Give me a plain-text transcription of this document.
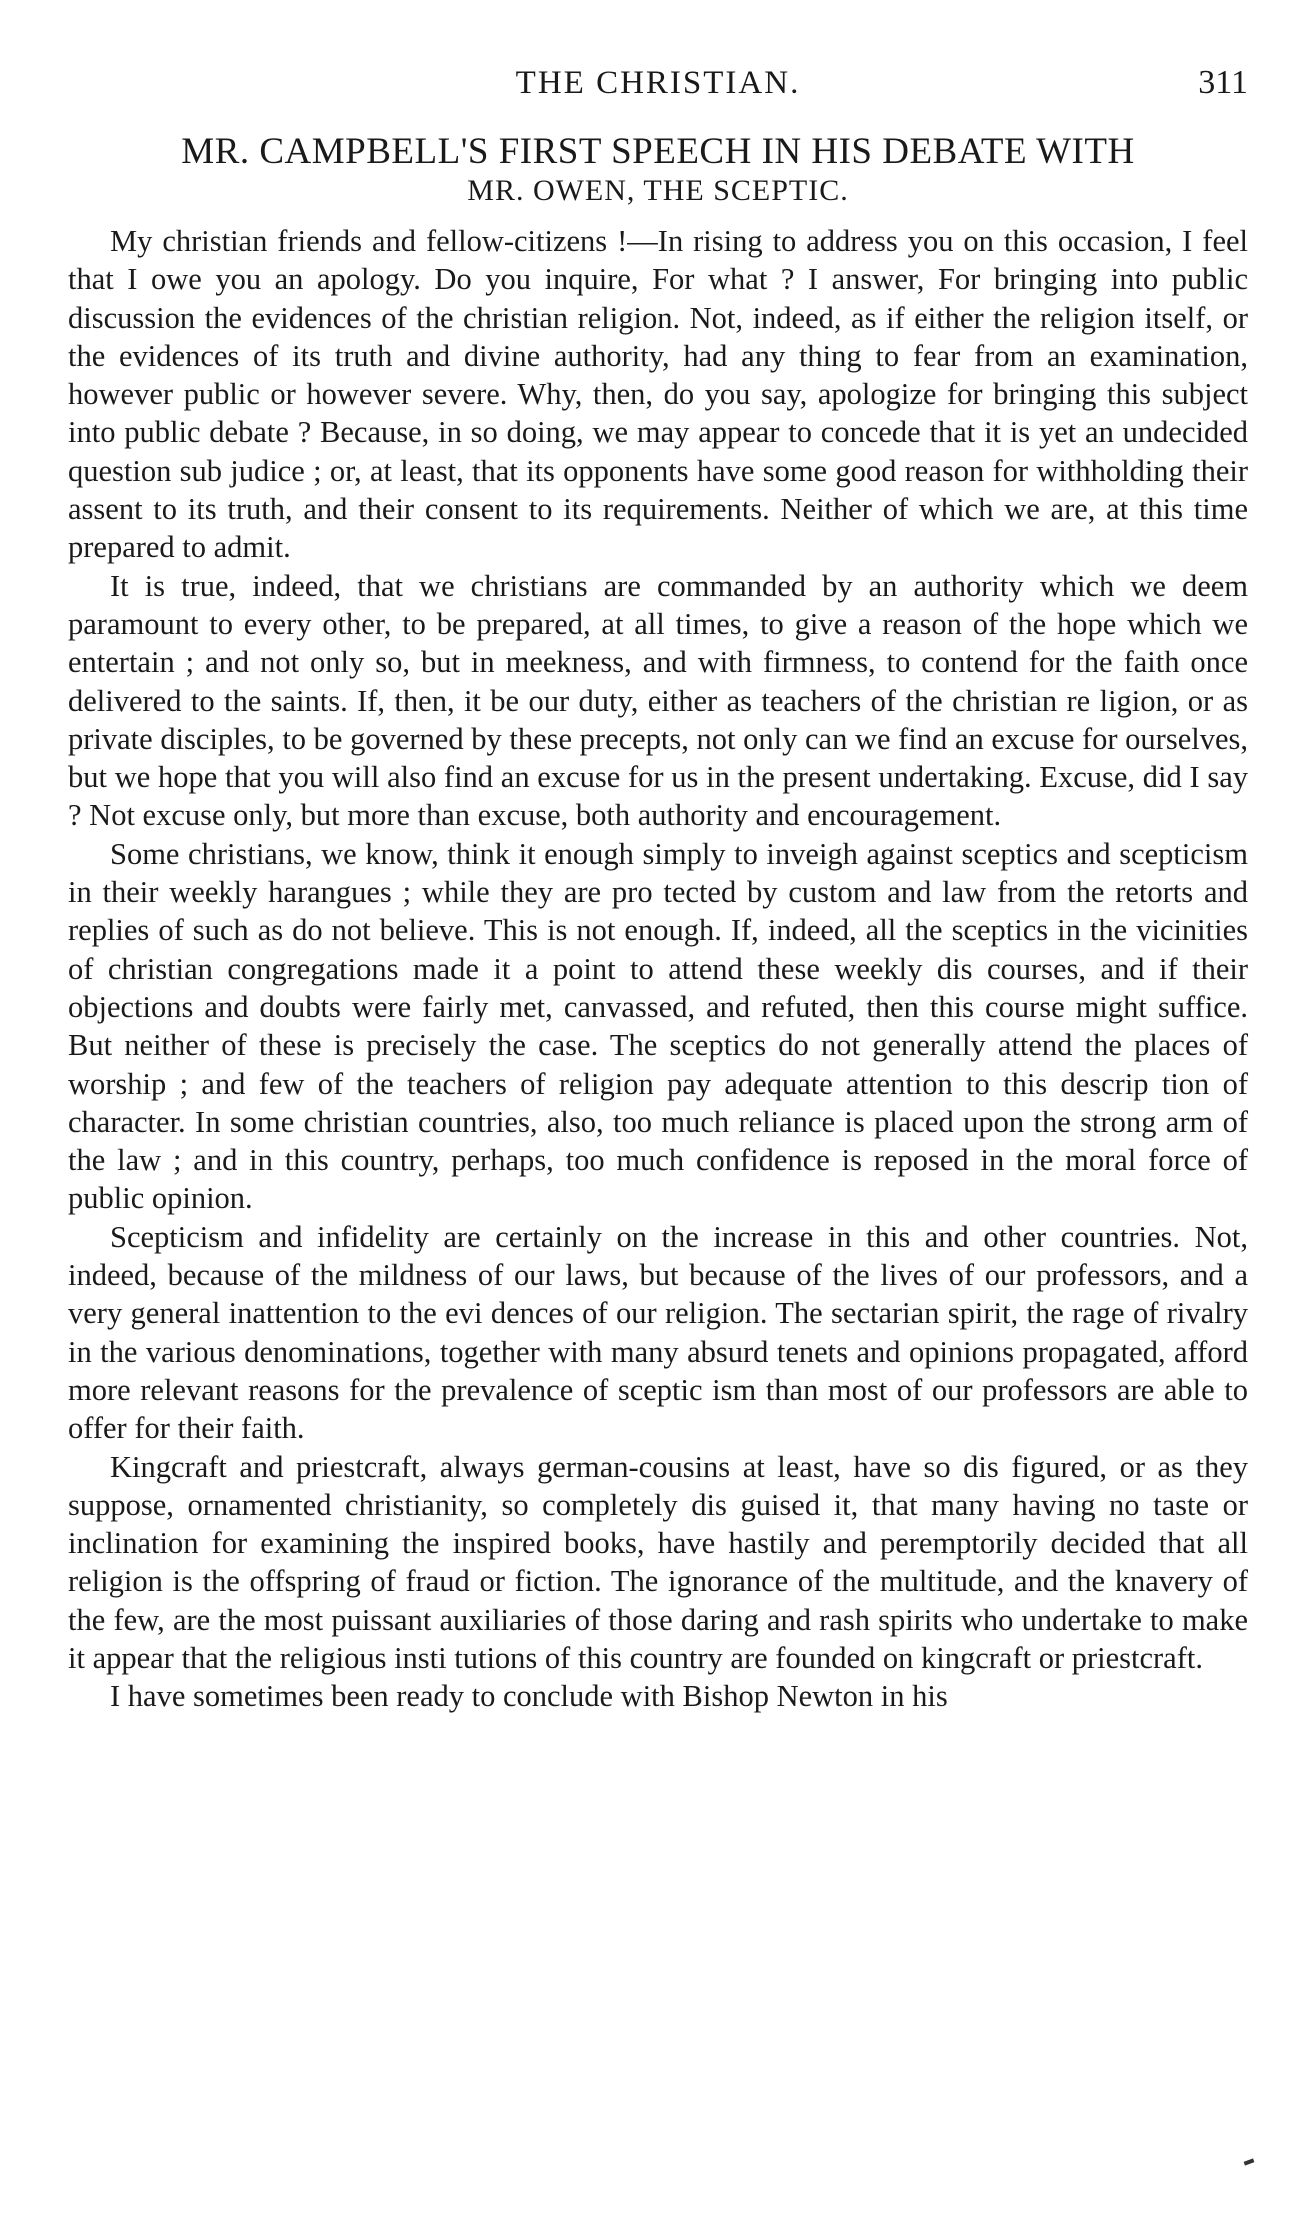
THE CHRISTIAN.	311
MR. CAMPBELL'S FIRST SPEECH IN HIS DEBATE WITH
MR. OWEN, THE SCEPTIC.

My christian friends and fellow-citizens !—In rising to address you on this occasion, I feel that I owe you an apology. Do you inquire, For what ? I answer, For bringing into public discussion the evidences of the christian religion. Not, indeed, as if either the religion itself, or the evidences of its truth and divine authority, had any thing to fear from an examination, however public or however severe. Why, then, do you say, apologize for bringing this subject into public debate ? Because, in so doing, we may appear to concede that it is yet an undecided question sub judice ; or, at least, that its opponents have some good reason for withholding their assent to its truth, and their consent to its requirements. Neither of which we are, at this time prepared to admit.

It is true, indeed, that we christians are commanded by an authority which we deem paramount to every other, to be prepared, at all times, to give a reason of the hope which we entertain ; and not only so, but in meekness, and with firmness, to contend for the faith once delivered to the saints. If, then, it be our duty, either as teachers of the christian re ligion, or as private disciples, to be governed by these precepts, not only can we find an excuse for ourselves, but we hope that you will also find an excuse for us in the present undertaking. Excuse, did I say ? Not excuse only, but more than excuse, both authority and encouragement.

Some christians, we know, think it enough simply to inveigh against sceptics and scepticism in their weekly harangues ; while they are pro tected by custom and law from the retorts and replies of such as do not believe. This is not enough. If, indeed, all the sceptics in the vicinities of christian congregations made it a point to attend these weekly dis courses, and if their objections and doubts were fairly met, canvassed, and refuted, then this course might suffice. But neither of these is precisely the case. The sceptics do not generally attend the places of worship ; and few of the teachers of religion pay adequate attention to this descrip tion of character. In some christian countries, also, too much reliance is placed upon the strong arm of the law ; and in this country, perhaps, too much confidence is reposed in the moral force of public opinion.

Scepticism and infidelity are certainly on the increase in this and other countries. Not, indeed, because of the mildness of our laws, but because of the lives of our professors, and a very general inattention to the evi dences of our religion. The sectarian spirit, the rage of rivalry in the various denominations, together with many absurd tenets and opinions propagated, afford more relevant reasons for the prevalence of sceptic ism than most of our professors are able to offer for their faith.

Kingcraft and priestcraft, always german-cousins at least, have so dis figured, or as they suppose, ornamented christianity, so completely dis guised it, that many having no taste or inclination for examining the inspired books, have hastily and peremptorily decided that all religion is the offspring of fraud or fiction. The ignorance of the multitude, and the knavery of the few, are the most puissant auxiliaries of those daring and rash spirits who undertake to make it appear that the religious insti tutions of this country are founded on kingcraft or priestcraft.

I have sometimes been ready to conclude with Bishop Newton in his
